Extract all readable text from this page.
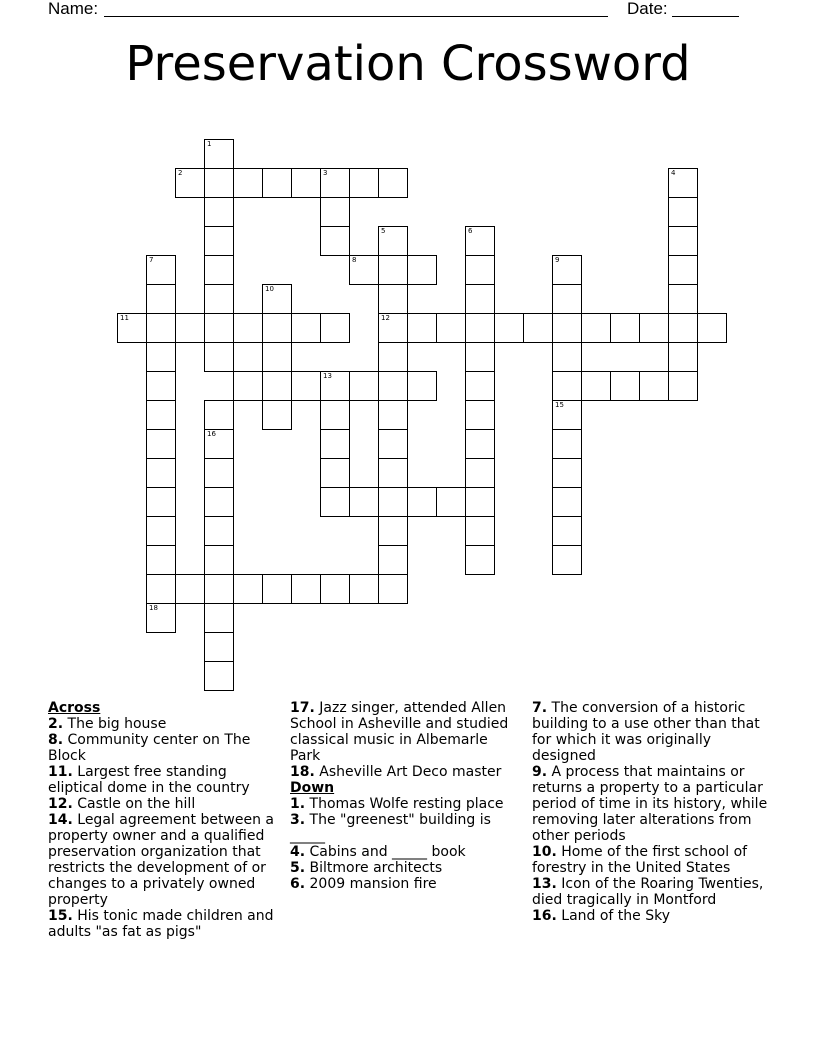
Name:	Date:
Preservation Crossword
2	3
1
4
5
12
6
7
18
8	9
15
10
11
13
16
Across
2. The big house
8. Community center on The Block
11. Largest free standing eliptical dome in the country
12. Castle on the hill
14. Legal agreement between a property owner and a qualified preservation organization that restricts the development of or changes to a privately owned property
15. His tonic made children and adults "as fat as pigs"
17. Jazz singer, attended Allen School in Asheville and studied classical music in Albemarle Park
18. Asheville Art Deco master
Down
1. Thomas Wolfe resting place
3. The "greenest" building is _____
4. Cabins and _____ book
5. Biltmore architects
6. 2009 mansion fire
7. The conversion of a historic building to a use other than that for which it was originally designed
9. A process that maintains or returns a property to a particular period of time in its history, while removing later alterations from other periods
10. Home of the first school of forestry in the United States
13. Icon of the Roaring Twenties, died tragically in Montford
16. Land of the Sky
